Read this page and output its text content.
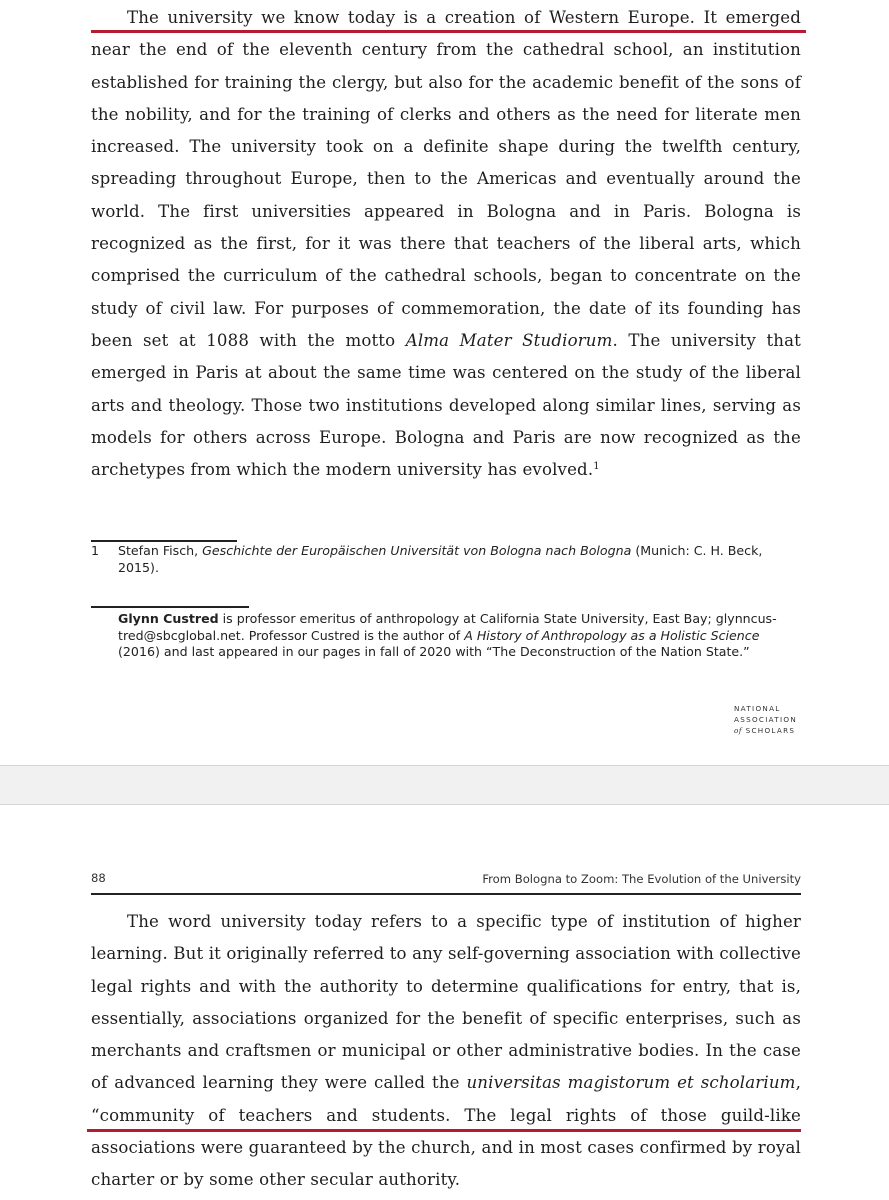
The university we know today is a creation of Western Europe. It emerged near the end of the eleventh century from the cathedral school, an institution established for training the clergy, but also for the academic benefit of the sons of the nobility, and for the training of clerks and others as the need for literate men increased. The university took on a definite shape during the twelfth century, spreading throughout Europe, then to the Americas and eventually around the world. The first universities appeared in Bologna and in Paris. Bologna is recognized as the first, for it was there that teachers of the liberal arts, which comprised the curriculum of the cathedral schools, began to concentrate on the study of civil law. For purposes of commemoration, the date of its founding has been set at 1088 with the motto Alma Mater Studiorum. The university that emerged in Paris at about the same time was centered on the study of the liberal arts and theology. Those two institutions developed along similar lines, serving as models for others across Europe. Bologna and Paris are now recognized as the archetypes from which the modern university has evolved.$^1$

1	Stefan Fisch, Geschichte der Europäischen Universität von Bologna nach Bologna (Munich: C. H. Beck, 2015).
Glynn Custred is professor emeritus of anthropology at California State University, East Bay; glynncustred@sbcglobal.net. Professor Custred is the author of A History of Anthropology as a Holistic Science (2016) and last appeared in our pages in fall of 2020 with “The Deconstruction of the Nation State.”
NATIONAL
ASSOCIATION
of SCHOLARS
88	From Bologna to Zoom: The Evolution of the University

The word university today refers to a specific type of institution of higher learning. But it originally referred to any self-governing association with collective legal rights and with the authority to determine qualifications for entry, that is, essentially, associations organized for the benefit of specific enterprises, such as merchants and craftsmen or municipal or other administrative bodies. In the case of advanced learning they were called the universitas magistorum et scholarium, “community of teachers and students. The legal rights of those guild-like associations were guaranteed by the church, and in most cases confirmed by royal charter or by some other secular authority.
